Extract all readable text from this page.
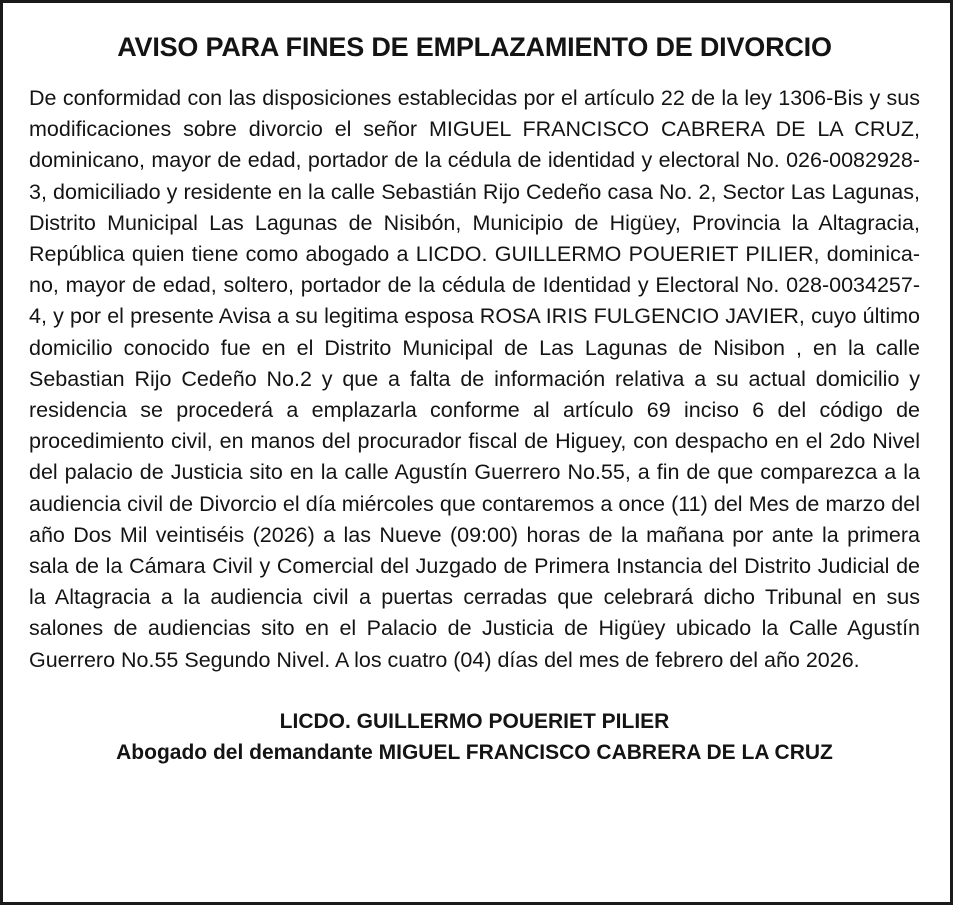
AVISO PARA FINES DE EMPLAZAMIENTO DE DIVORCIO

De conformidad con las disposiciones establecidas por el artículo 22 de la ley 1306-Bis y sus modificaciones sobre divorcio el señor MIGUEL FRANCISCO CABRERA DE LA CRUZ, dominicano, mayor de edad, portador de la cédula de identidad y electoral No. 026-0082928-3, domiciliado y residente en la calle Sebastián Rijo Cedeño casa No. 2, Sector Las Lagunas, Distrito Municipal Las Lagunas de Nisibón, Municipio de Higüey, Provincia la Altagracia, República quien tiene como abogado a LICDO. GUILLERMO POUERIET PILIER, dominica-no, mayor de edad, soltero, portador de la cédula de Identidad y Electoral No. 028-0034257-4, y por el presente Avisa a su legitima esposa ROSA IRIS FULGENCIO JAVIER, cuyo último domicilio conocido fue en el Distrito Municipal de Las Lagunas de Nisibon , en la calle Sebastian Rijo Cedeño No.2 y que a falta de información relativa a su actual domicilio y residencia se procederá a emplazarla conforme al artículo 69 inciso 6 del código de procedimiento civil, en manos del procurador fiscal de Higuey, con despacho en el 2do Nivel del palacio de Justicia sito en la calle Agustín Guerrero No.55, a fin de que comparezca a la audiencia civil de Divorcio el día miércoles que contaremos a once (11) del Mes de marzo del año Dos Mil veintiséis (2026) a las Nueve (09:00) horas de la mañana por ante la primera sala de la Cámara Civil y Comercial del Juzgado de Primera Instancia del Distrito Judicial de la Altagracia a la audiencia civil a puertas cerradas que celebrará dicho Tribunal en sus salones de audiencias sito en el Palacio de Justicia de Higüey ubicado la Calle Agustín Guerrero No.55 Segundo Nivel. A los cuatro (04) días del mes de febrero del año 2026.

LICDO. GUILLERMO POUERIET PILIER
Abogado del demandante MIGUEL FRANCISCO CABRERA DE LA CRUZ
